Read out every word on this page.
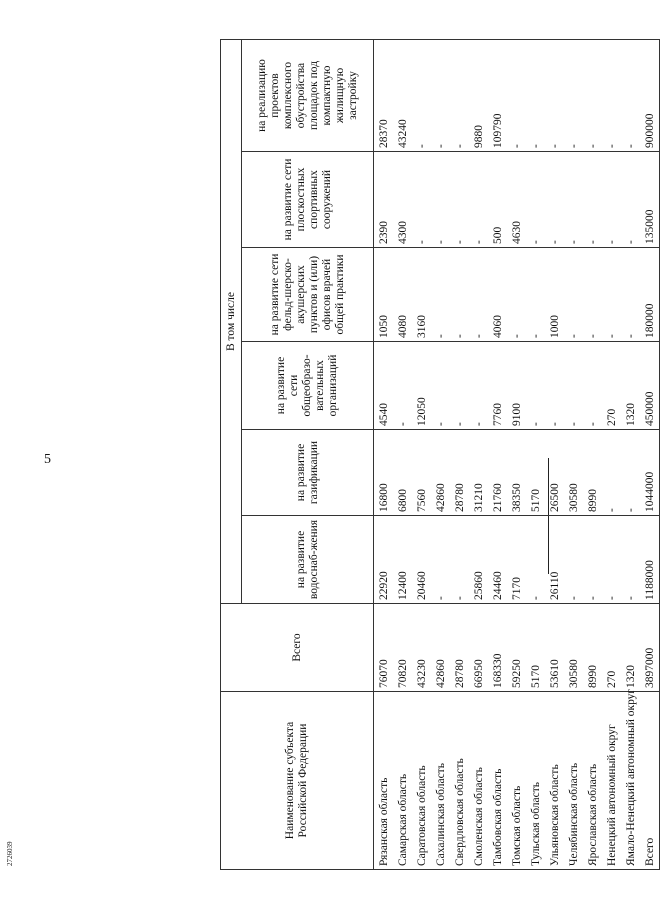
5
2726039
Наименование субъекта Российской Федерации	Всего	В том числе					
		на развитие водоснаб-жения	на развитие газификации	на развитие сети общеобразо-вательных организаций	на развитие сети фельд-шерско-акушерских пунктов и (или) офисов врачей общей практики	на развитие сети плоскостных спортивных сооружений	на реализацию проектов комплексного обустройства площадок под компактную жилищную застройку
Рязанская область	76070	22920	16800	4540	1050	2390	28370
Самарская область	70820	12400	6800	-	4080	4300	43240
Саратовская область	43230	20460	7560	12050	3160	-	-
Сахалинская область	42860	-	42860	-	-	-	-
Свердловская область	28780	-	28780	-	-	-	-
Смоленская область	66950	25860	31210	-	-	-	9880
Тамбовская область	168330	24460	21760	7760	4060	500	109790
Томская область	59250	7170	38350	9100	-	4630	-
Тульская область	5170	-	5170	-	-	-	-
Ульяновская область	53610	26110	26500	-	1000	-	-
Челябинская область	30580	-	30580	-	-	-	-
Ярославская область	8990	-	8990	-	-	-	-
Ненецкий автономный округ	270	-	-	270	-	-	-
Ямало-Ненецкий автономный округ	1320	-	-	1320	-	-	-
Всего	3897000	1188000	1044000	450000	180000	135000	900000
